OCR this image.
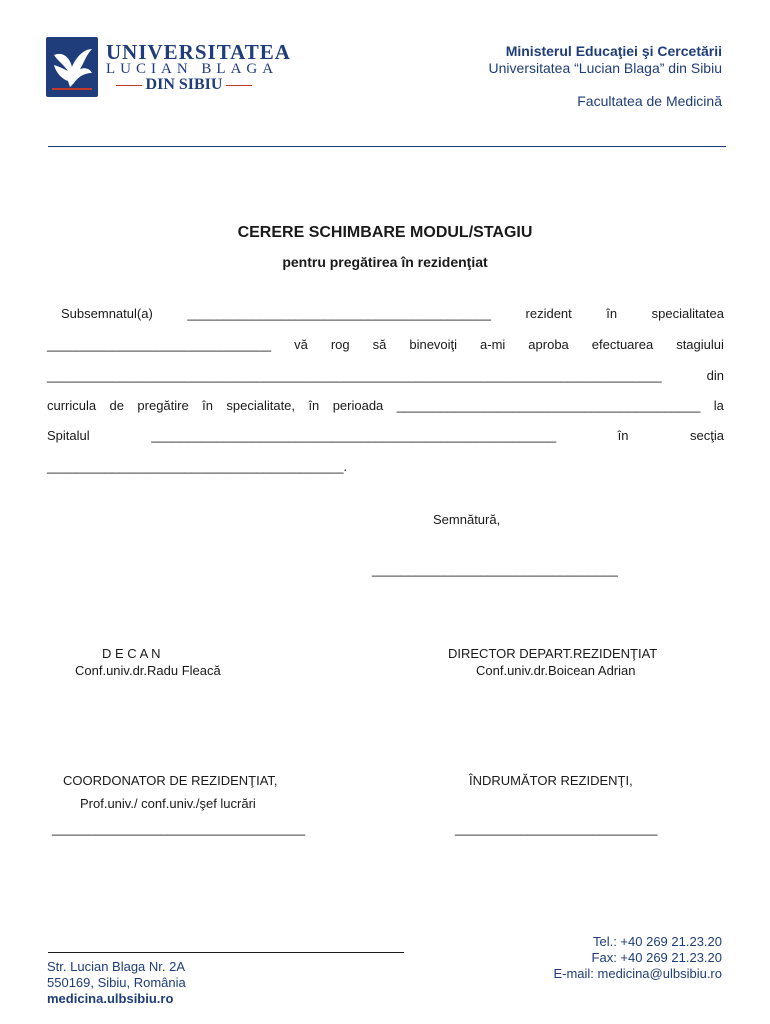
UNIVERSITATEA
LUCIAN BLAGA
DIN SIBIU
Ministerul Educaţiei şi Cercetării
Universitatea “Lucian Blaga” din Sibiu
Facultatea de Medicină
CERERE SCHIMBARE MODUL/STAGIU
pentru pregătirea în rezidenţiat
Subsemnatul(a)	__________________________________________	rezident	în	specialitatea
_______________________________ vă rog să binevoiţi a-mi aproba efectuarea stagiului
_____________________________________________________________________________________	din
curricula de pregătire în specialitate, în perioada __________________________________________ la
Spitalul	________________________________________________________	în	secţia
_________________________________________.
Semnătură,
__________________________________
D E C A N
Conf.univ.dr.Radu Fleacă
DIRECTOR DEPART.REZIDENŢIAT
Conf.univ.dr.Boicean Adrian
COORDONATOR DE REZIDENŢIAT,
Prof.univ./ conf.univ./şef lucrări
___________________________________
ÎNDRUMĂTOR REZIDENŢI,
____________________________
Str. Lucian Blaga Nr. 2A
550169, Sibiu, România
medicina.ulbsibiu.ro
Tel.: +40 269 21.23.20
Fax: +40 269 21.23.20
E-mail: medicina@ulbsibiu.ro
